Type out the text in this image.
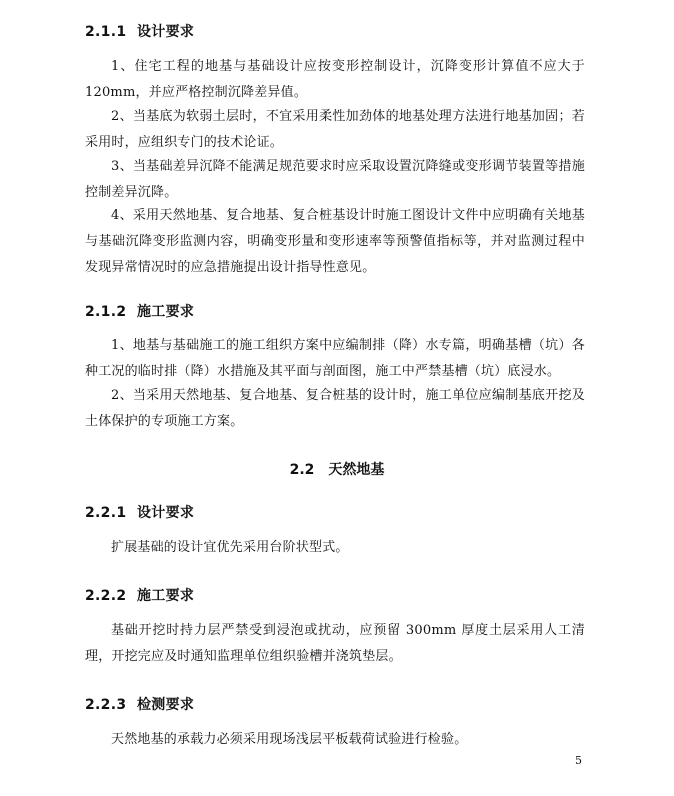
2.1.1 设计要求

1、住宅工程的地基与基础设计应按变形控制设计，沉降变形计算值不应大于 120mm，并应严格控制沉降差异值。

2、当基底为软弱土层时，不宜采用柔性加劲体的地基处理方法进行地基加固；若采用时，应组织专门的技术论证。

3、当基础差异沉降不能满足规范要求时应采取设置沉降缝或变形调节装置等措施控制差异沉降。

4、采用天然地基、复合地基、复合桩基设计时施工图设计文件中应明确有关地基与基础沉降变形监测内容，明确变形量和变形速率等预警值指标等，并对监测过程中发现异常情况时的应急措施提出设计指导性意见。

2.1.2 施工要求

1、地基与基础施工的施工组织方案中应编制排（降）水专篇，明确基槽（坑）各种工况的临时排（降）水措施及其平面与剖面图，施工中严禁基槽（坑）底浸水。

2、当采用天然地基、复合地基、复合桩基的设计时，施工单位应编制基底开挖及土体保护的专项施工方案。

2.2 天然地基
2.2.1 设计要求

扩展基础的设计宜优先采用台阶状型式。

2.2.2 施工要求

基础开挖时持力层严禁受到浸泡或扰动，应预留 300mm 厚度土层采用人工清理，开挖完应及时通知监理单位组织验槽并浇筑垫层。

2.2.3 检测要求

天然地基的承载力必须采用现场浅层平板载荷试验进行检验。

5
